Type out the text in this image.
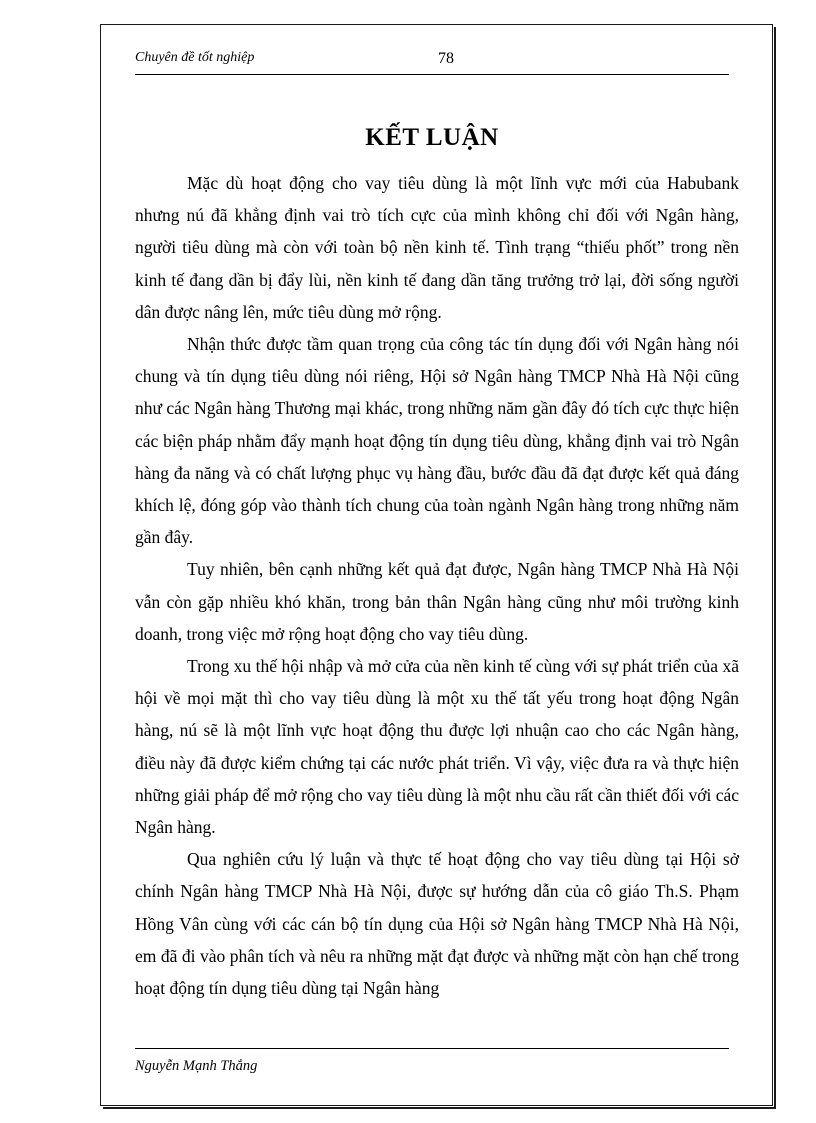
Chuyên đề tốt nghiệp	78
KẾT LUẬN

Mặc dù hoạt động cho vay tiêu dùng là một lĩnh vực mới của Habubank nhưng nú đã khẳng định vai trò tích cực của mình không chỉ đối với Ngân hàng, người tiêu dùng mà còn với toàn bộ nền kinh tế. Tình trạng “thiếu phốt” trong nền kinh tế đang dần bị đẩy lùi, nền kinh tế đang dần tăng trưởng trở lại, đời sống người dân được nâng lên, mức tiêu dùng mở rộng.

Nhận thức được tầm quan trọng của công tác tín dụng đối với Ngân hàng nói chung và tín dụng tiêu dùng nói riêng, Hội sở Ngân hàng TMCP Nhà Hà Nội cũng như các Ngân hàng Thương mại khác, trong những năm gần đây đó tích cực thực hiện các biện pháp nhằm đẩy mạnh hoạt động tín dụng tiêu dùng, khẳng định vai trò Ngân hàng đa năng và có chất lượng phục vụ hàng đầu, bước đầu đã đạt được kết quả đáng khích lệ, đóng góp vào thành tích chung của toàn ngành Ngân hàng trong những năm gần đây.

Tuy nhiên, bên cạnh những kết quả đạt được, Ngân hàng TMCP Nhà Hà Nội vẫn còn gặp nhiều khó khăn, trong bản thân Ngân hàng cũng như môi trường kinh doanh, trong việc mở rộng hoạt động cho vay tiêu dùng.

Trong xu thế hội nhập và mở cửa của nền kinh tế cùng với sự phát triển của xã hội về mọi mặt thì cho vay tiêu dùng là một xu thế tất yếu trong hoạt động Ngân hàng, nú sẽ là một lĩnh vực hoạt động thu được lợi nhuận cao cho các Ngân hàng, điều này đã được kiểm chứng tại các nước phát triển. Vì vậy, việc đưa ra và thực hiện những giải pháp để mở rộng cho vay tiêu dùng là một nhu cầu rất cần thiết đối với các Ngân hàng.

Qua nghiên cứu lý luận và thực tế hoạt động cho vay tiêu dùng tại Hội sở chính Ngân hàng TMCP Nhà Hà Nội, được sự hướng dẫn của cô giáo Th.S. Phạm Hồng Vân cùng với các cán bộ tín dụng của Hội sở Ngân hàng TMCP Nhà Hà Nội, em đã đi vào phân tích và nêu ra những mặt đạt được và những mặt còn hạn chế trong hoạt động tín dụng tiêu dùng tại Ngân hàng

Nguyễn Mạnh Thắng
